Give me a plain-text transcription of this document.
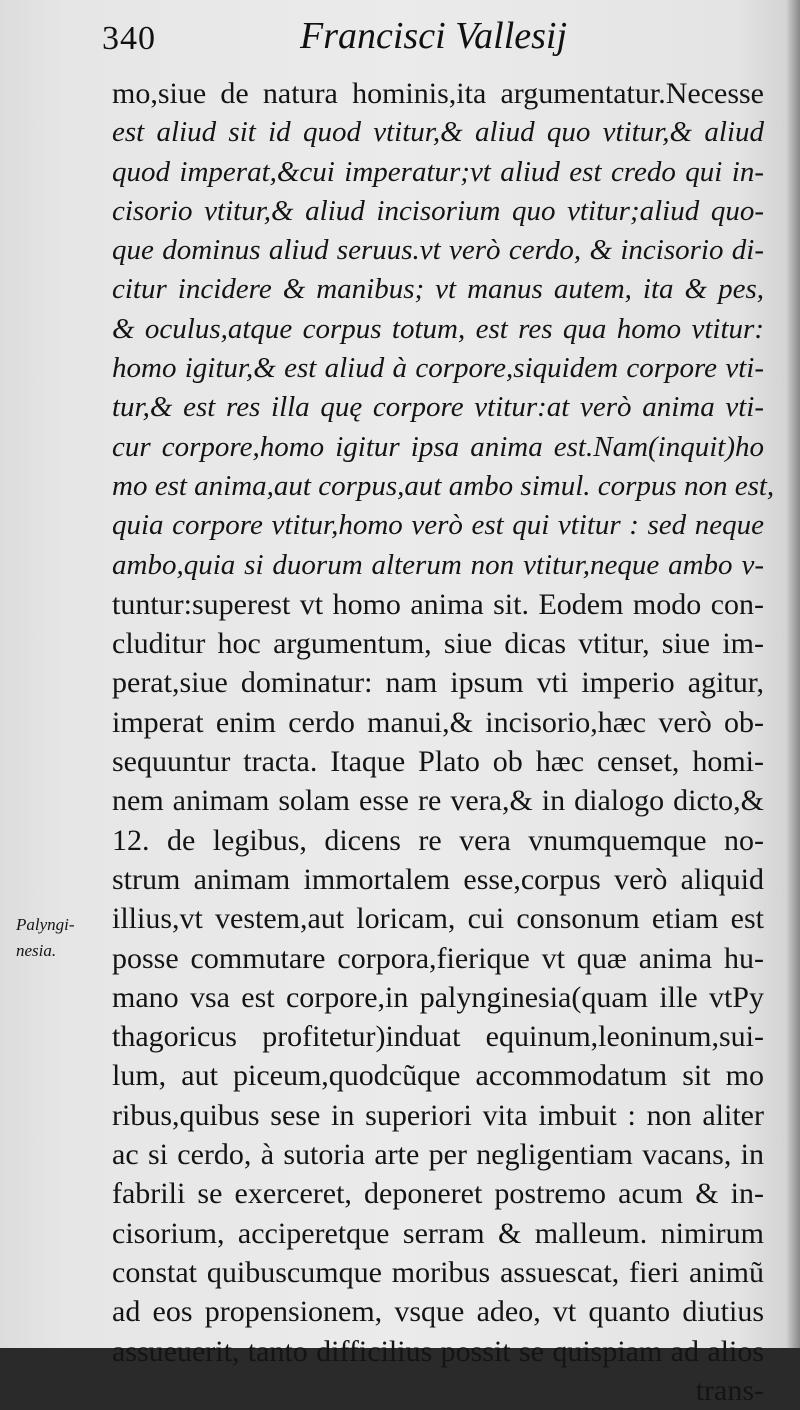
340	Francisci Vallesij
mo,siue de natura hominis,ita argumentatur.Necesse
est aliud sit id quod vtitur,& aliud quo vtitur,& aliud
quod imperat,&cui imperatur;vt aliud est credo qui in-
cisorio vtitur,& aliud incisorium quo vtitur;aliud quo-
que dominus aliud seruus.vt verò cerdo, & incisorio di-
citur incidere & manibus; vt manus autem, ita & pes,
& oculus,atque corpus totum, est res qua homo vtitur:
homo igitur,& est aliud à corpore,siquidem corpore vti-
tur,& est res illa quę corpore vtitur:at verò anima vti-
cur corpore,homo igitur ipsa anima est.Nam(inquit)ho
mo est anima,aut corpus,aut ambo simul. corpus non est,
quia corpore vtitur,homo verò est qui vtitur : sed neque
ambo,quia si duorum alterum non vtitur,neque ambo v-
tuntur:superest vt homo anima sit. Eodem modo con-
cluditur hoc argumentum, siue dicas vtitur, siue im-
perat,siue dominatur: nam ipsum vti imperio agitur,
imperat enim cerdo manui,& incisorio,hæc verò ob-
sequuntur tracta. Itaque Plato ob hæc censet, homi-
nem animam solam esse re vera,& in dialogo dicto,&
12. de legibus, dicens re vera vnumquemque no-
strum animam immortalem esse,corpus verò aliquid
illius,vt vestem,aut loricam, cui consonum etiam est
posse commutare corpora,fierique vt quæ anima hu-
mano vsa est corpore,in palynginesia(quam ille vtPy
thagoricus profitetur)induat equinum,leoninum,sui-
lum, aut piceum,quodcũque accommodatum sit mo
ribus,quibus sese in superiori vita imbuit : non aliter
ac si cerdo, à sutoria arte per negligentiam vacans, in
fabrili se exerceret, deponeret postremo acum & in-
cisorium, acciperetque serram & malleum. nimirum
constat quibuscumque moribus assuescat, fieri animũ
ad eos propensionem, vsque adeo, vt quanto diutius
assueuerit, tanto difficilius possit se quispiam ad alios
trans-
Palyngi-
nesia.
